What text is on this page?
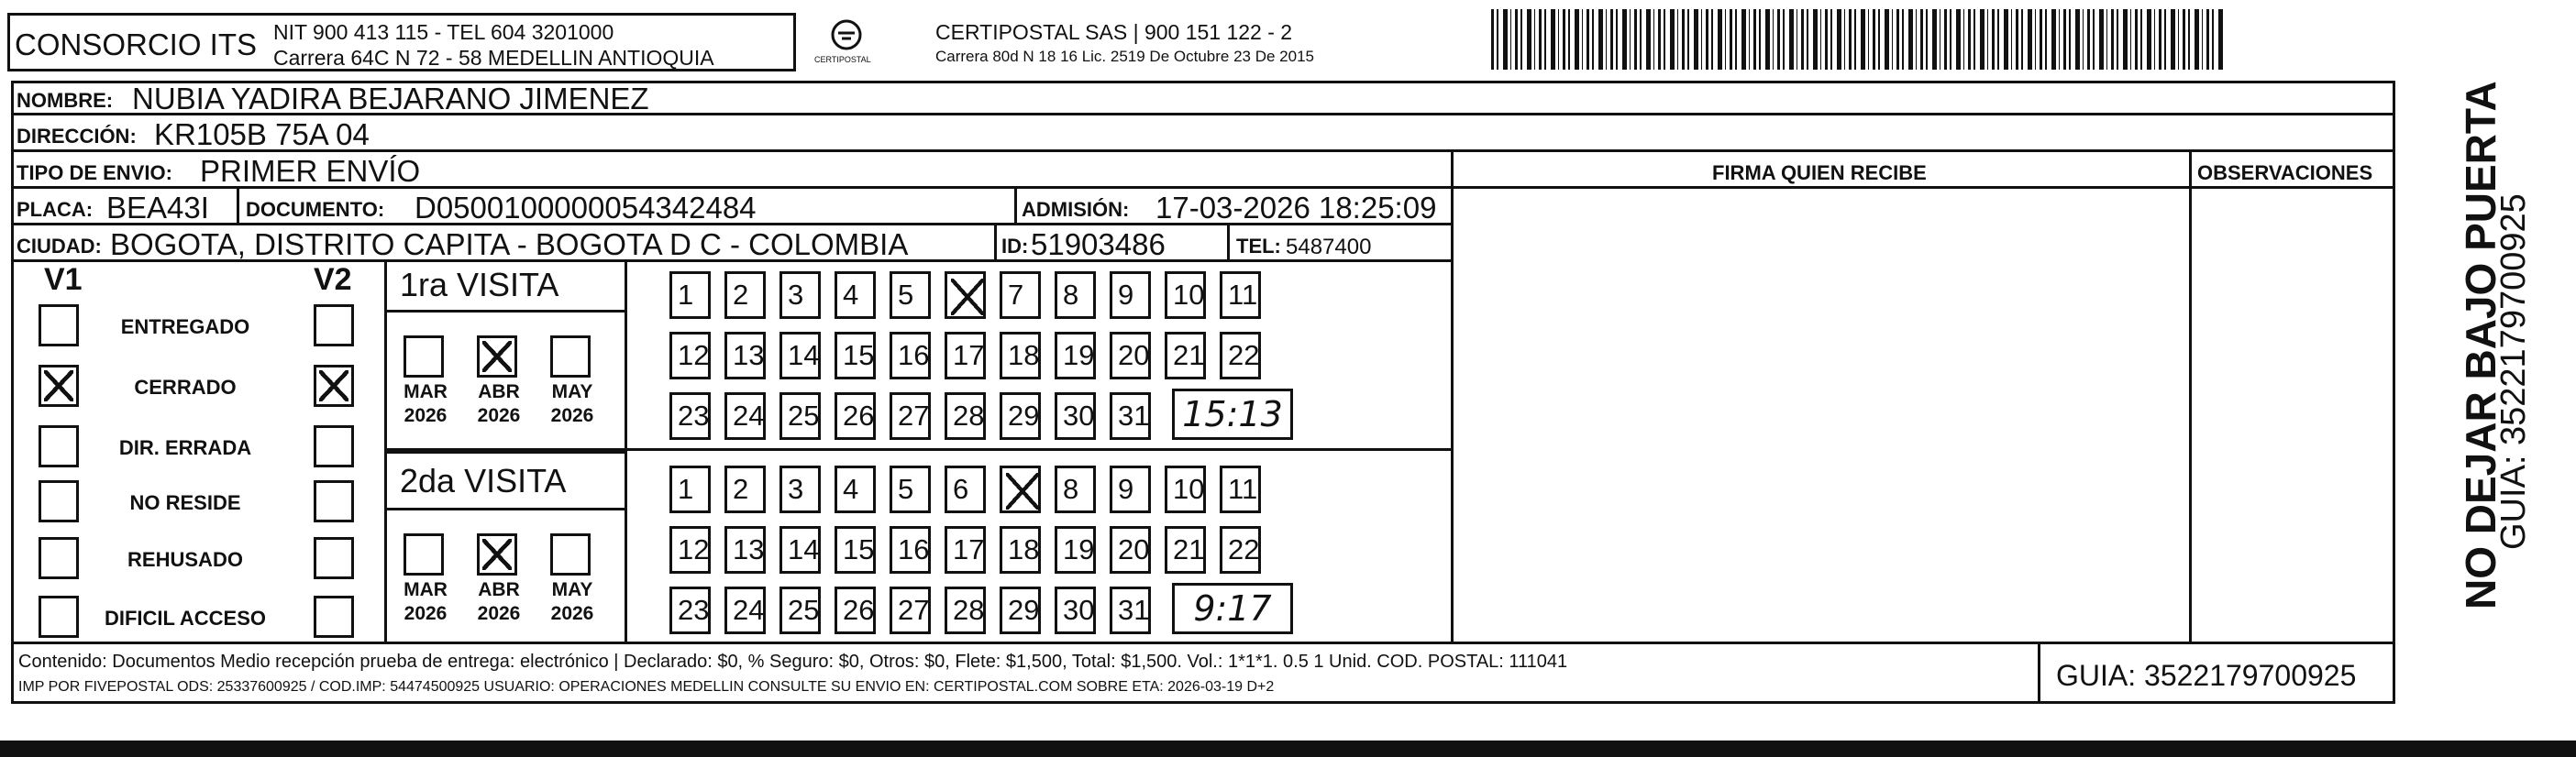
CONSORCIO ITS NIT 900 413 115 - TEL 604 3201000
Carrera 64C N 72 - 58 MEDELLIN ANTIOQUIA	CERTIPOSTAL
CERTIPOSTAL SAS | 900 151 122 - 2
Carrera 80d N 18 16 Lic. 2519 De Octubre 23 De 2015
NOMBRE: NUBIA YADIRA BEJARANO JIMENEZ
DIRECCIÓN: KR105B 75A 04
TIPO DE ENVIO: PRIMER ENVÍO
PLACA: BEA43I DOCUMENTO: D0500100000054342484	ADMISIÓN: 17-03-2026 18:25:09
CIUDAD: BOGOTA, DISTRITO CAPITA - BOGOTA D C - COLOMBIA	ID: 51903486	TEL: 5487400
FIRMA QUIEN RECIBE	OBSERVACIONES
V1	V2
ENTREGADO
CERRADO
DIR. ERRADA
NO RESIDE
REHUSADO
DIFICIL ACCESO
1ra VISITA
MAR
2026
ABR
2026
MAY
2026
1	2	3	4	5	7	8	9	10 11
12 13 14 15 16 17 18 19 20 21 22
23 24 25 26 27 28 29 30 31 15:13
2da VISITA
MAR
2026
ABR
2026
MAY
2026
1	2	3	4	5	6	8	9	10 11
12 13 14 15 16 17 18 19 20 21 22
23 24 25 26 27 28 29 30 31	9:17
Contenido: Documentos Medio recepción prueba de entrega: electrónico | Declarado: $0, % Seguro: $0, Otros: $0, Flete: $1,500, Total: $1,500. Vol.: 1*1*1. 0.5 1 Unid. COD. POSTAL: 111041
IMP POR FIVEPOSTAL ODS: 25337600925 / COD.IMP: 54474500925 USUARIO: OPERACIONES MEDELLIN CONSULTE SU ENVIO EN: CERTIPOSTAL.COM SOBRE ETA: 2026-03-19 D+2	GUIA: 3522179700925
NO DEJAR BAJO PUERTA
GUIA: 3522179700925
